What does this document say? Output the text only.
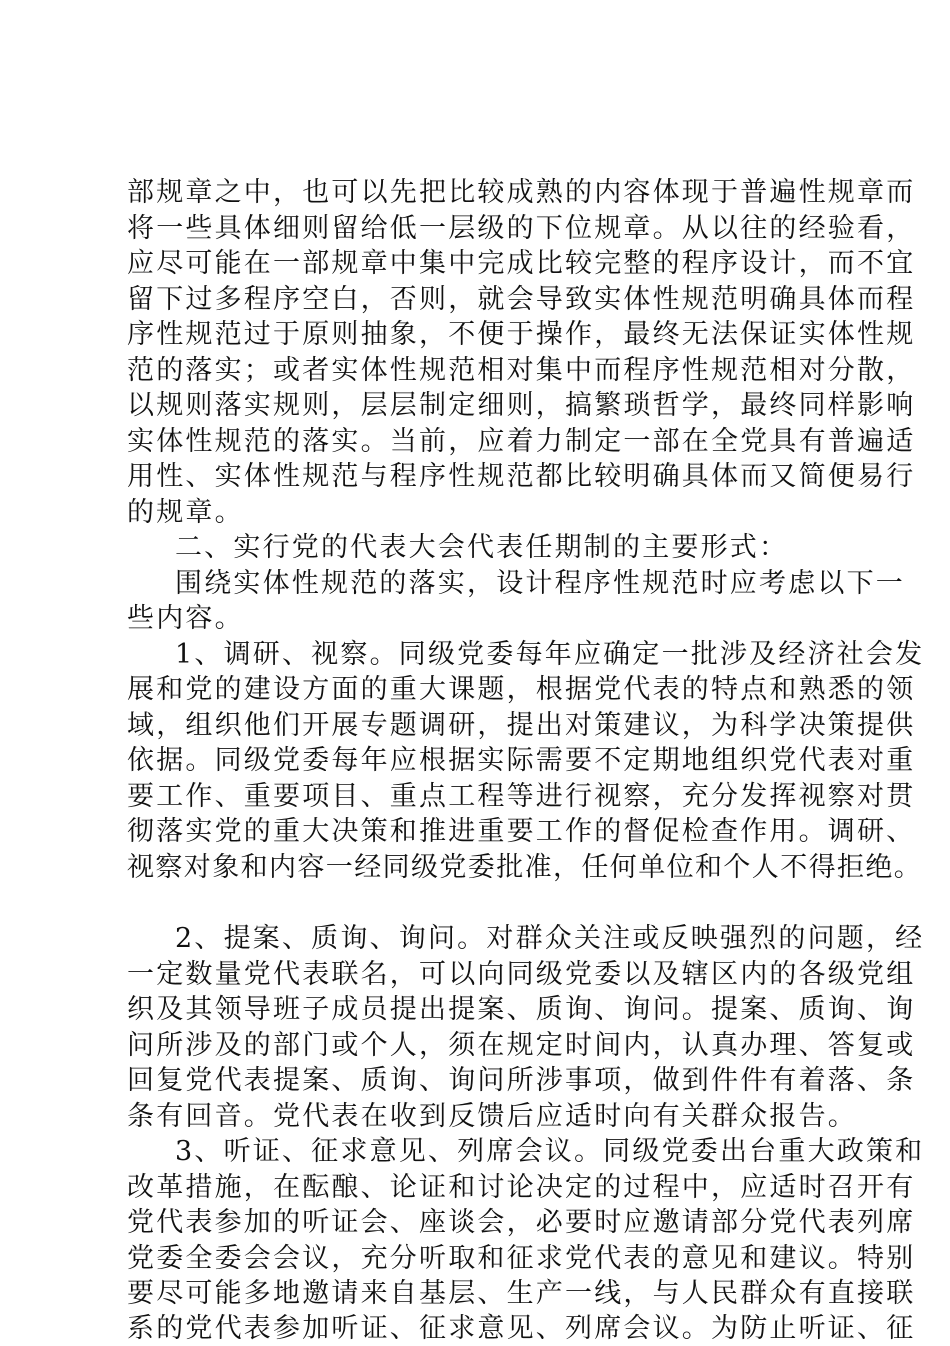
部规章之中，也可以先把比较成熟的内容体现于普遍性规章而
将一些具体细则留给低一层级的下位规章。从以往的经验看，
应尽可能在一部规章中集中完成比较完整的程序设计，而不宜
留下过多程序空白，否则，就会导致实体性规范明确具体而程
序性规范过于原则抽象，不便于操作，最终无法保证实体性规
范的落实；或者实体性规范相对集中而程序性规范相对分散，
以规则落实规则，层层制定细则，搞繁琐哲学，最终同样影响
实体性规范的落实。当前，应着力制定一部在全党具有普遍适
用性、实体性规范与程序性规范都比较明确具体而又简便易行
的规章。
二、实行党的代表大会代表任期制的主要形式：
围绕实体性规范的落实，设计程序性规范时应考虑以下一
些内容。
1、调研、视察。同级党委每年应确定一批涉及经济社会发
展和党的建设方面的重大课题，根据党代表的特点和熟悉的领
域，组织他们开展专题调研，提出对策建议，为科学决策提供
依据。同级党委每年应根据实际需要不定期地组织党代表对重
要工作、重要项目、重点工程等进行视察，充分发挥视察对贯
彻落实党的重大决策和推进重要工作的督促检查作用。调研、
视察对象和内容一经同级党委批准，任何单位和个人不得拒绝。
2、提案、质询、询问。对群众关注或反映强烈的问题，经
一定数量党代表联名，可以向同级党委以及辖区内的各级党组
织及其领导班子成员提出提案、质询、询问。提案、质询、询
问所涉及的部门或个人，须在规定时间内，认真办理、答复或
回复党代表提案、质询、询问所涉事项，做到件件有着落、条
条有回音。党代表在收到反馈后应适时向有关群众报告。
3、听证、征求意见、列席会议。同级党委出台重大政策和
改革措施，在酝酿、论证和讨论决定的过程中，应适时召开有
党代表参加的听证会、座谈会，必要时应邀请部分党代表列席
党委全委会会议，充分听取和征求党代表的意见和建议。特别
要尽可能多地邀请来自基层、生产一线，与人民群众有直接联
系的党代表参加听证、征求意见、列席会议。为防止听证、征
